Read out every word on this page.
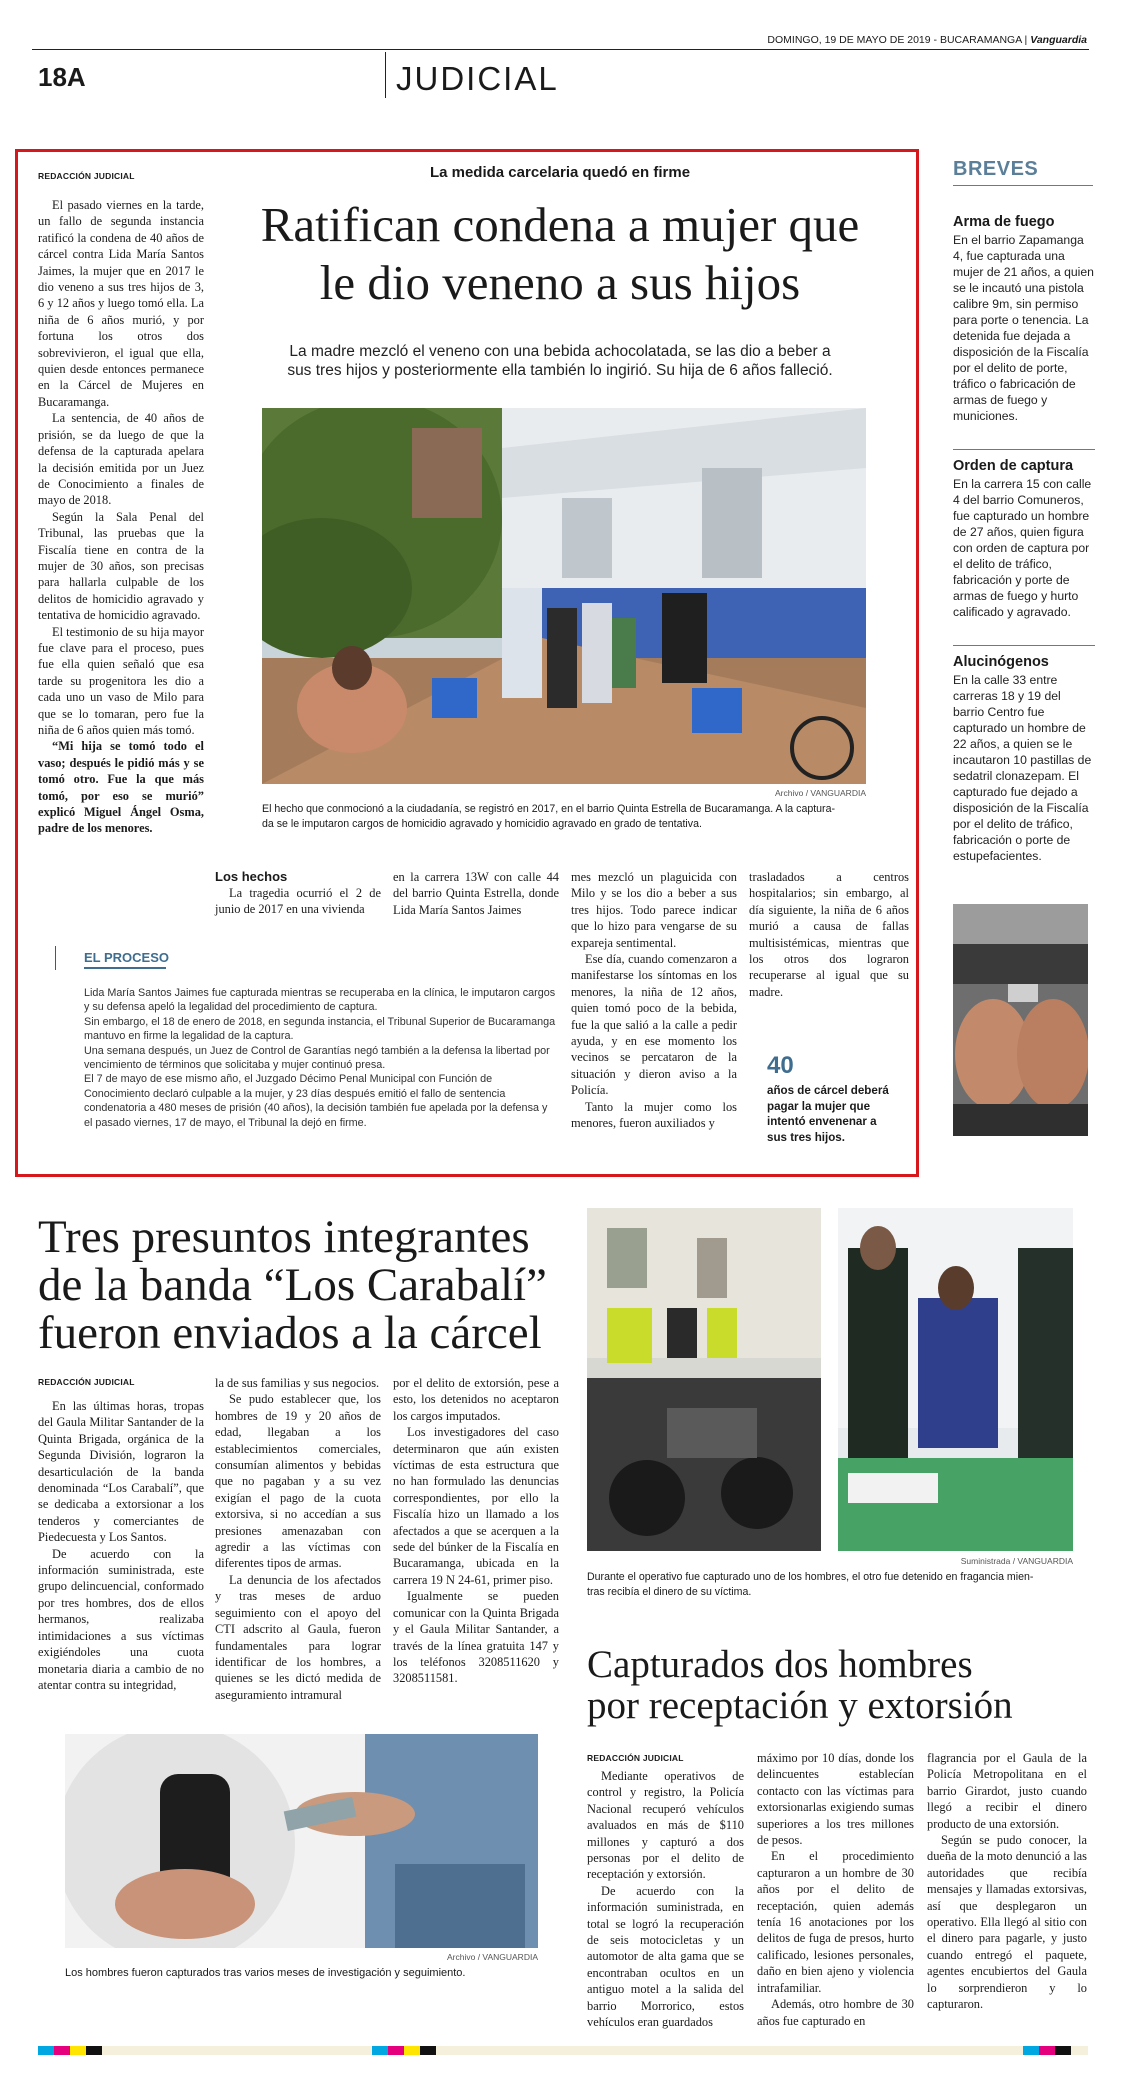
DOMINGO, 19 DE MAYO DE 2019 - BUCARAMANGA | Vanguardia
18A	JUDICIAL
REDACCIÓN JUDICIAL

El pasado viernes en la tarde, un fallo de segunda instancia ratificó la condena de 40 años de cárcel contra Lida María Santos Jaimes, la mujer que en 2017 le dio veneno a sus tres hijos de 3, 6 y 12 años y luego tomó ella. La niña de 6 años murió, y por fortuna los otros dos sobrevivieron, el igual que ella, quien desde entonces permanece en la Cárcel de Mujeres en Bucaramanga.

La sentencia, de 40 años de prisión, se da luego de que la defensa de la capturada apelara la decisión emitida por un Juez de Conocimiento a finales de mayo de 2018.

Según la Sala Penal del Tribunal, las pruebas que la Fiscalía tiene en contra de la mujer de 30 años, son precisas para hallarla culpable de los delitos de homicidio agravado y tentativa de homicidio agravado.

El testimonio de su hija mayor fue clave para el proceso, pues fue ella quien señaló que esa tarde su progenitora les dio a cada uno un vaso de Milo para que se lo tomaran, pero fue la niña de 6 años quien más tomó.

“Mi hija se tomó todo el vaso; después le pidió más y se tomó otro. Fue la que más tomó, por eso se murió” explicó Miguel Ángel Osma, padre de los menores.

La medida carcelaria quedó en firme
Ratifican condena a mujer que
le dio veneno a sus hijos
La madre mezcló el veneno con una bebida achocolatada, se las dio a beber a
sus tres hijos y posteriormente ella también lo ingirió. Su hija de 6 años falleció.
Archivo / VANGUARDIA
El hecho que conmocionó a la ciudadanía, se registró en 2017, en el barrio Quinta Estrella de Bucaramanga. A la captura-
da se le imputaron cargos de homicidio agravado y homicidio agravado en grado de tentativa.
Los hechos

La tragedia ocurrió el 2 de junio de 2017 en una vivienda

en la carrera 13W con calle 44 del barrio Quinta Estrella, donde Lida María Santos Jaimes

mes mezcló un plaguicida con Milo y se los dio a beber a sus tres hijos. Todo parece indicar que lo hizo para vengarse de su expareja sentimental.

Ese día, cuando comenzaron a manifestarse los síntomas en los menores, la niña de 12 años, quien tomó poco de la bebida, fue la que salió a la calle a pedir ayuda, y en ese momento los vecinos se percataron de la situación y dieron aviso a la Policía.

Tanto la mujer como los menores, fueron auxiliados y

trasladados a centros hospitalarios; sin embargo, al día siguiente, la niña de 6 años murió a causa de fallas multisistémicas, mientras que los otros dos lograron recuperarse al igual que su madre.

EL PROCESO
Lida María Santos Jaimes fue capturada mientras se recuperaba en la clínica, le imputaron cargos y su defensa apeló la legalidad del procedimiento de captura.
Sin embargo, el 18 de enero de 2018, en segunda instancia, el Tribunal Superior de Bucaramanga mantuvo en firme la legalidad de la captura.
Una semana después, un Juez de Control de Garantías negó también a la defensa la libertad por vencimiento de términos que solicitaba y mujer continuó presa.
El 7 de mayo de ese mismo año, el Juzgado Décimo Penal Municipal con Función de Conocimiento declaró culpable a la mujer, y 23 días después emitió el fallo de sentencia condenatoria a 480 meses de prisión (40 años), la decisión también fue apelada por la defensa y el pasado viernes, 17 de mayo, el Tribunal la dejó en firme.
40
años de cárcel deberá pagar la mujer que intentó envenenar a sus tres hijos.
BREVES

Arma de fuego

En el barrio Zapamanga 4, fue capturada una mujer de 21 años, a quien se le incautó una pistola calibre 9m, sin permiso para porte o tenencia. La detenida fue dejada a disposición de la Fiscalía por el delito de porte, tráfico o fabricación de armas de fuego y municiones.

Orden de captura

En la carrera 15 con calle 4 del barrio Comuneros, fue capturado un hombre de 27 años, quien figura con orden de captura por el delito de tráfico, fabricación y porte de armas de fuego y hurto calificado y agravado.

Alucinógenos

En la calle 33 entre carreras 18 y 19 del barrio Centro fue capturado un hombre de 22 años, a quien se le incautaron 10 pastillas de sedatril clonazepam. El capturado fue dejado a disposición de la Fiscalía por el delito de tráfico, fabricación o porte de estupefacientes.

Tres presuntos integrantes
de la banda “Los Carabalí”
fueron enviados a la cárcel
REDACCIÓN JUDICIAL

En las últimas horas, tropas del Gaula Militar Santander de la Quinta Brigada, orgánica de la Segunda División, lograron la desarticulación de la banda denominada “Los Carabalí”, que se dedicaba a extorsionar a los tenderos y comerciantes de Piedecuesta y Los Santos.

De acuerdo con la información suministrada, este grupo delincuencial, conformado por tres hombres, dos de ellos hermanos, realizaba intimidaciones a sus víctimas exigiéndoles una cuota monetaria diaria a cambio de no atentar contra su integridad,

la de sus familias y sus negocios.

Se pudo establecer que, los hombres de 19 y 20 años de edad, llegaban a los establecimientos comerciales, consumían alimentos y bebidas que no pagaban y a su vez exigían el pago de la cuota extorsiva, si no accedían a sus presiones amenazaban con agredir a las víctimas con diferentes tipos de armas.

La denuncia de los afectados y tras meses de arduo seguimiento con el apoyo del CTI adscrito al Gaula, fueron fundamentales para lograr identificar de los hombres, a quienes se les dictó medida de aseguramiento intramural

por el delito de extorsión, pese a esto, los detenidos no aceptaron los cargos imputados.

Los investigadores del caso determinaron que aún existen víctimas de esta estructura que no han formulado las denuncias correspondientes, por ello la Fiscalía hizo un llamado a los afectados a que se acerquen a la sede del búnker de la Fiscalía en Bucaramanga, ubicada en la carrera 19 N 24-61, primer piso.

Igualmente se pueden comunicar con la Quinta Brigada y el Gaula Militar Santander, a través de la línea gratuita 147 y los teléfonos 3208511620 y 3208511581.

Archivo / VANGUARDIA
Los hombres fueron capturados tras varios meses de investigación y seguimiento.
Suministrada / VANGUARDIA
Durante el operativo fue capturado uno de los hombres, el otro fue detenido en fragancia mien-
tras recibía el dinero de su víctima.
Capturados dos hombres
por receptación y extorsión
REDACCIÓN JUDICIAL

Mediante operativos de control y registro, la Policía Nacional recuperó vehículos avaluados en más de $110 millones y capturó a dos personas por el delito de receptación y extorsión.

De acuerdo con la información suministrada, en total se logró la recuperación de seis motocicletas y un automotor de alta gama que se encontraban ocultos en un antiguo motel a la salida del barrio Morrorico, estos vehículos eran guardados

máximo por 10 días, donde los delincuentes establecían contacto con las víctimas para extorsionarlas exigiendo sumas superiores a los tres millones de pesos.

En el procedimiento capturaron a un hombre de 30 años por el delito de receptación, quien además tenía 16 anotaciones por los delitos de fuga de presos, hurto calificado, lesiones personales, daño en bien ajeno y violencia intrafamiliar.

Además, otro hombre de 30 años fue capturado en

flagrancia por el Gaula de la Policía Metropolitana en el barrio Girardot, justo cuando llegó a recibir el dinero producto de una extorsión.

Según se pudo conocer, la dueña de la moto denunció a las autoridades que recibía mensajes y llamadas extorsivas, así que desplegaron un operativo. Ella llegó al sitio con el dinero para pagarle, y justo cuando entregó el paquete, agentes encubiertos del Gaula lo sorprendieron y lo capturaron.
